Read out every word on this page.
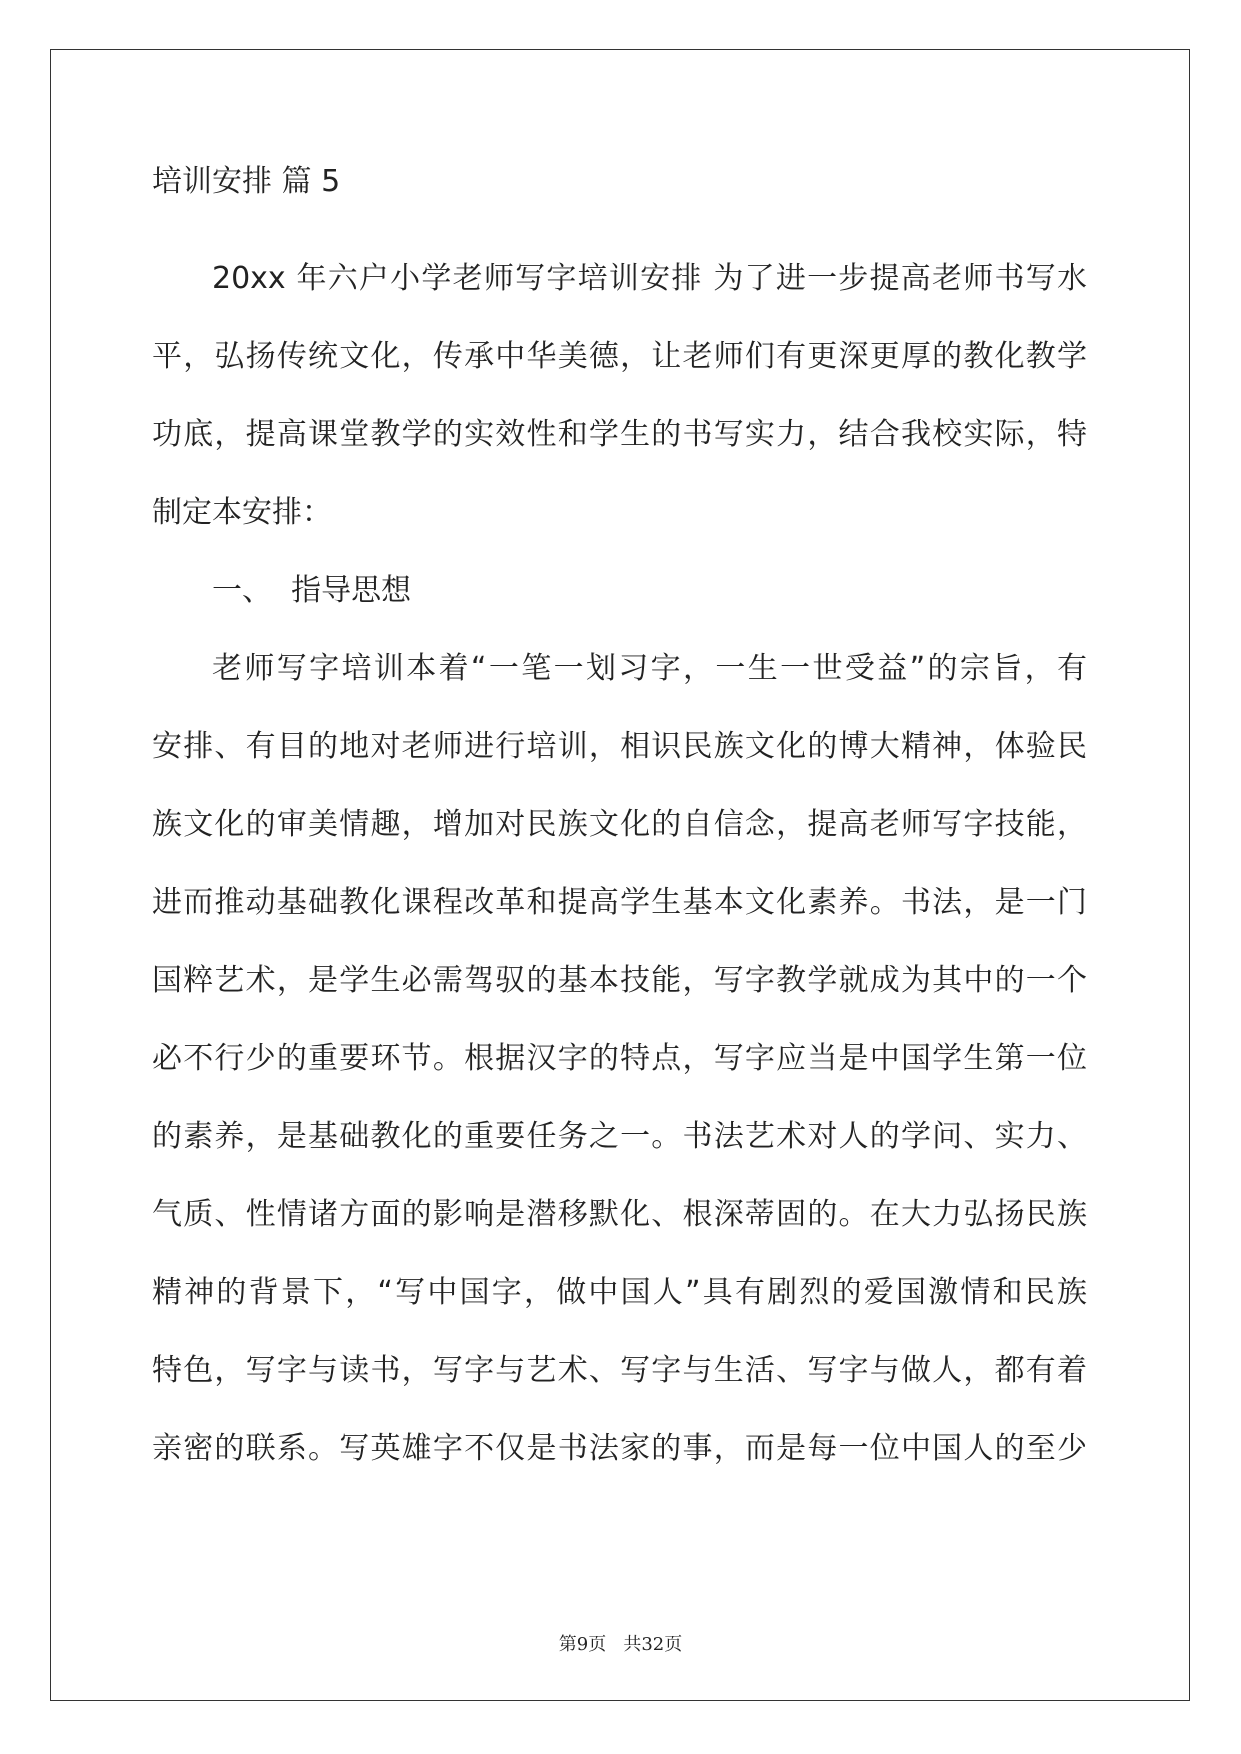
培训安排 篇 5
20xx 年六户小学老师写字培训安排 为了进一步提高老师书写水
平，弘扬传统文化，传承中华美德，让老师们有更深更厚的教化教学
功底，提高课堂教学的实效性和学生的书写实力，结合我校实际，特
制定本安排：
一、  指导思想
老师写字培训本着“一笔一划习字，一生一世受益”的宗旨，有
安排、有目的地对老师进行培训，相识民族文化的博大精神，体验民
族文化的审美情趣，增加对民族文化的自信念，提高老师写字技能，
进而推动基础教化课程改革和提高学生基本文化素养。书法，是一门
国粹艺术，是学生必需驾驭的基本技能，写字教学就成为其中的一个
必不行少的重要环节。根据汉字的特点，写字应当是中国学生第一位
的素养，是基础教化的重要任务之一。书法艺术对人的学问、实力、
气质、性情诸方面的影响是潜移默化、根深蒂固的。在大力弘扬民族
精神的背景下，“写中国字，做中国人”具有剧烈的爱国激情和民族
特色，写字与读书，写字与艺术、写字与生活、写字与做人，都有着
亲密的联系。写英雄字不仅是书法家的事，而是每一位中国人的至少
第9页 共32页
